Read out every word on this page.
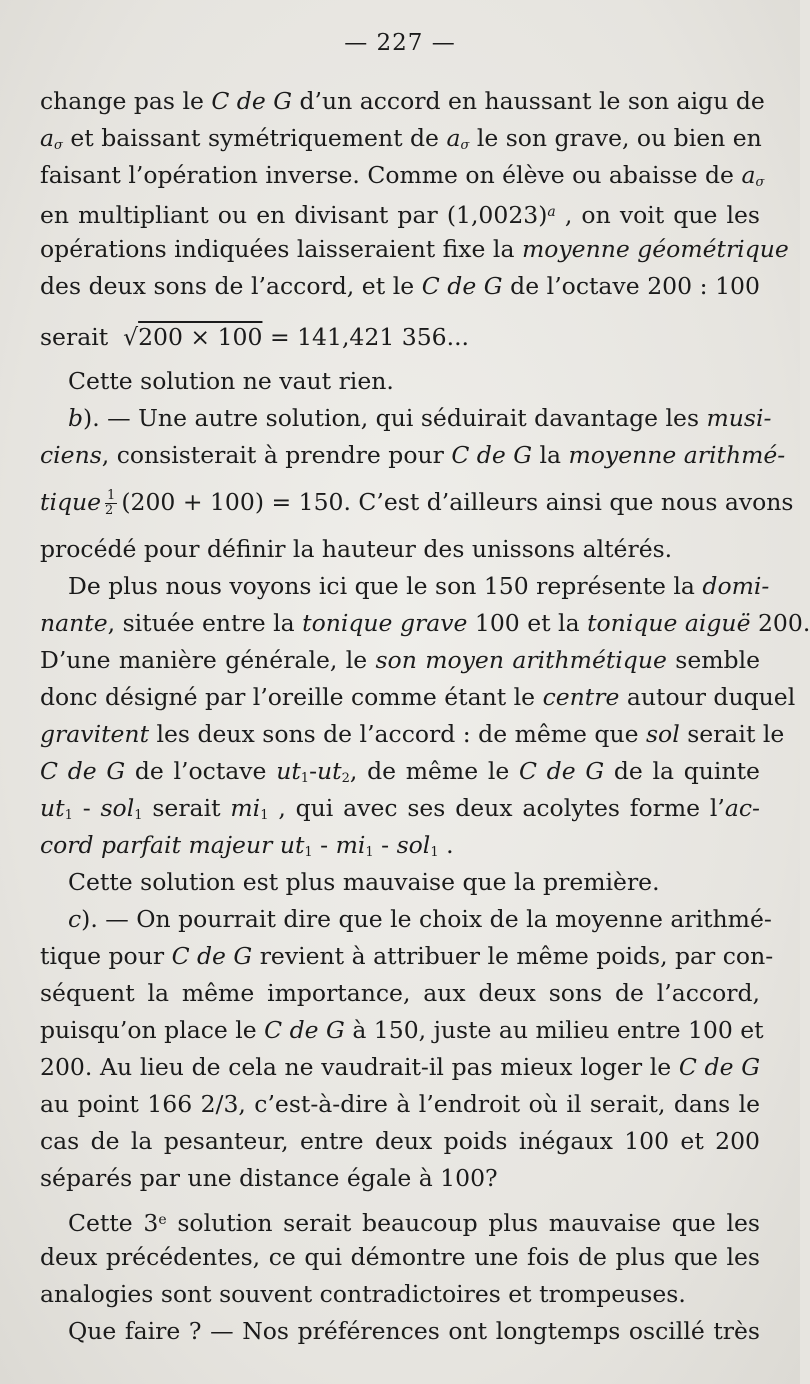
— 227 —
change pas le C de G d’un accord en haussant le son aigu de
aσ et baissant symétriquement de aσ le son grave, ou bien en
faisant l’opération inverse. Comme on élève ou abaisse de aσ
en multipliant ou en divisant par $(1,0023)^a$ , on voit que les
opérations indiquées laisseraient fixe la moyenne géométrique
des deux sons de l’accord, et le C de G de l’octave 200 : 100
serait √200 × 100 = 141,421 356...
Cette solution ne vaut rien.
b). — Une autre solution, qui séduirait davantage les musi-
ciens, consisterait à prendre pour C de G la moyenne arithmé-
tique $\frac{1}{2} (200 + 100) = 150$. C’est d’ailleurs ainsi que nous avons
procédé pour définir la hauteur des unissons altérés.
De plus nous voyons ici que le son 150 représente la domi-
nante, située entre la tonique grave 100 et la tonique aiguë 200.
D’une manière générale, le son moyen arithmétique semble
donc désigné par l’oreille comme étant le centre autour duquel
gravitent les deux sons de l’accord : de même que sol serait le
C de G de l’octave ut1-ut2, de même le C de G de la quinte
ut1 - sol1 serait mi1 , qui avec ses deux acolytes forme l’ac-
cord parfait majeur ut1 - mi1 - sol1 .
Cette solution est plus mauvaise que la première.
c). — On pourrait dire que le choix de la moyenne arithmé-
tique pour C de G revient à attribuer le même poids, par con-
séquent la même importance, aux deux sons de l’accord,
puisqu’on place le C de G à 150, juste au milieu entre 100 et
200. Au lieu de cela ne vaudrait-il pas mieux loger le C de G
au point 166 2/3, c’est-à-dire à l’endroit où il serait, dans le
cas de la pesanteur, entre deux poids inégaux 100 et 200
séparés par une distance égale à 100?
Cette 3e solution serait beaucoup plus mauvaise que les
deux précédentes, ce qui démontre une fois de plus que les
analogies sont souvent contradictoires et trompeuses.
Que faire ? — Nos préférences ont longtemps oscillé très
